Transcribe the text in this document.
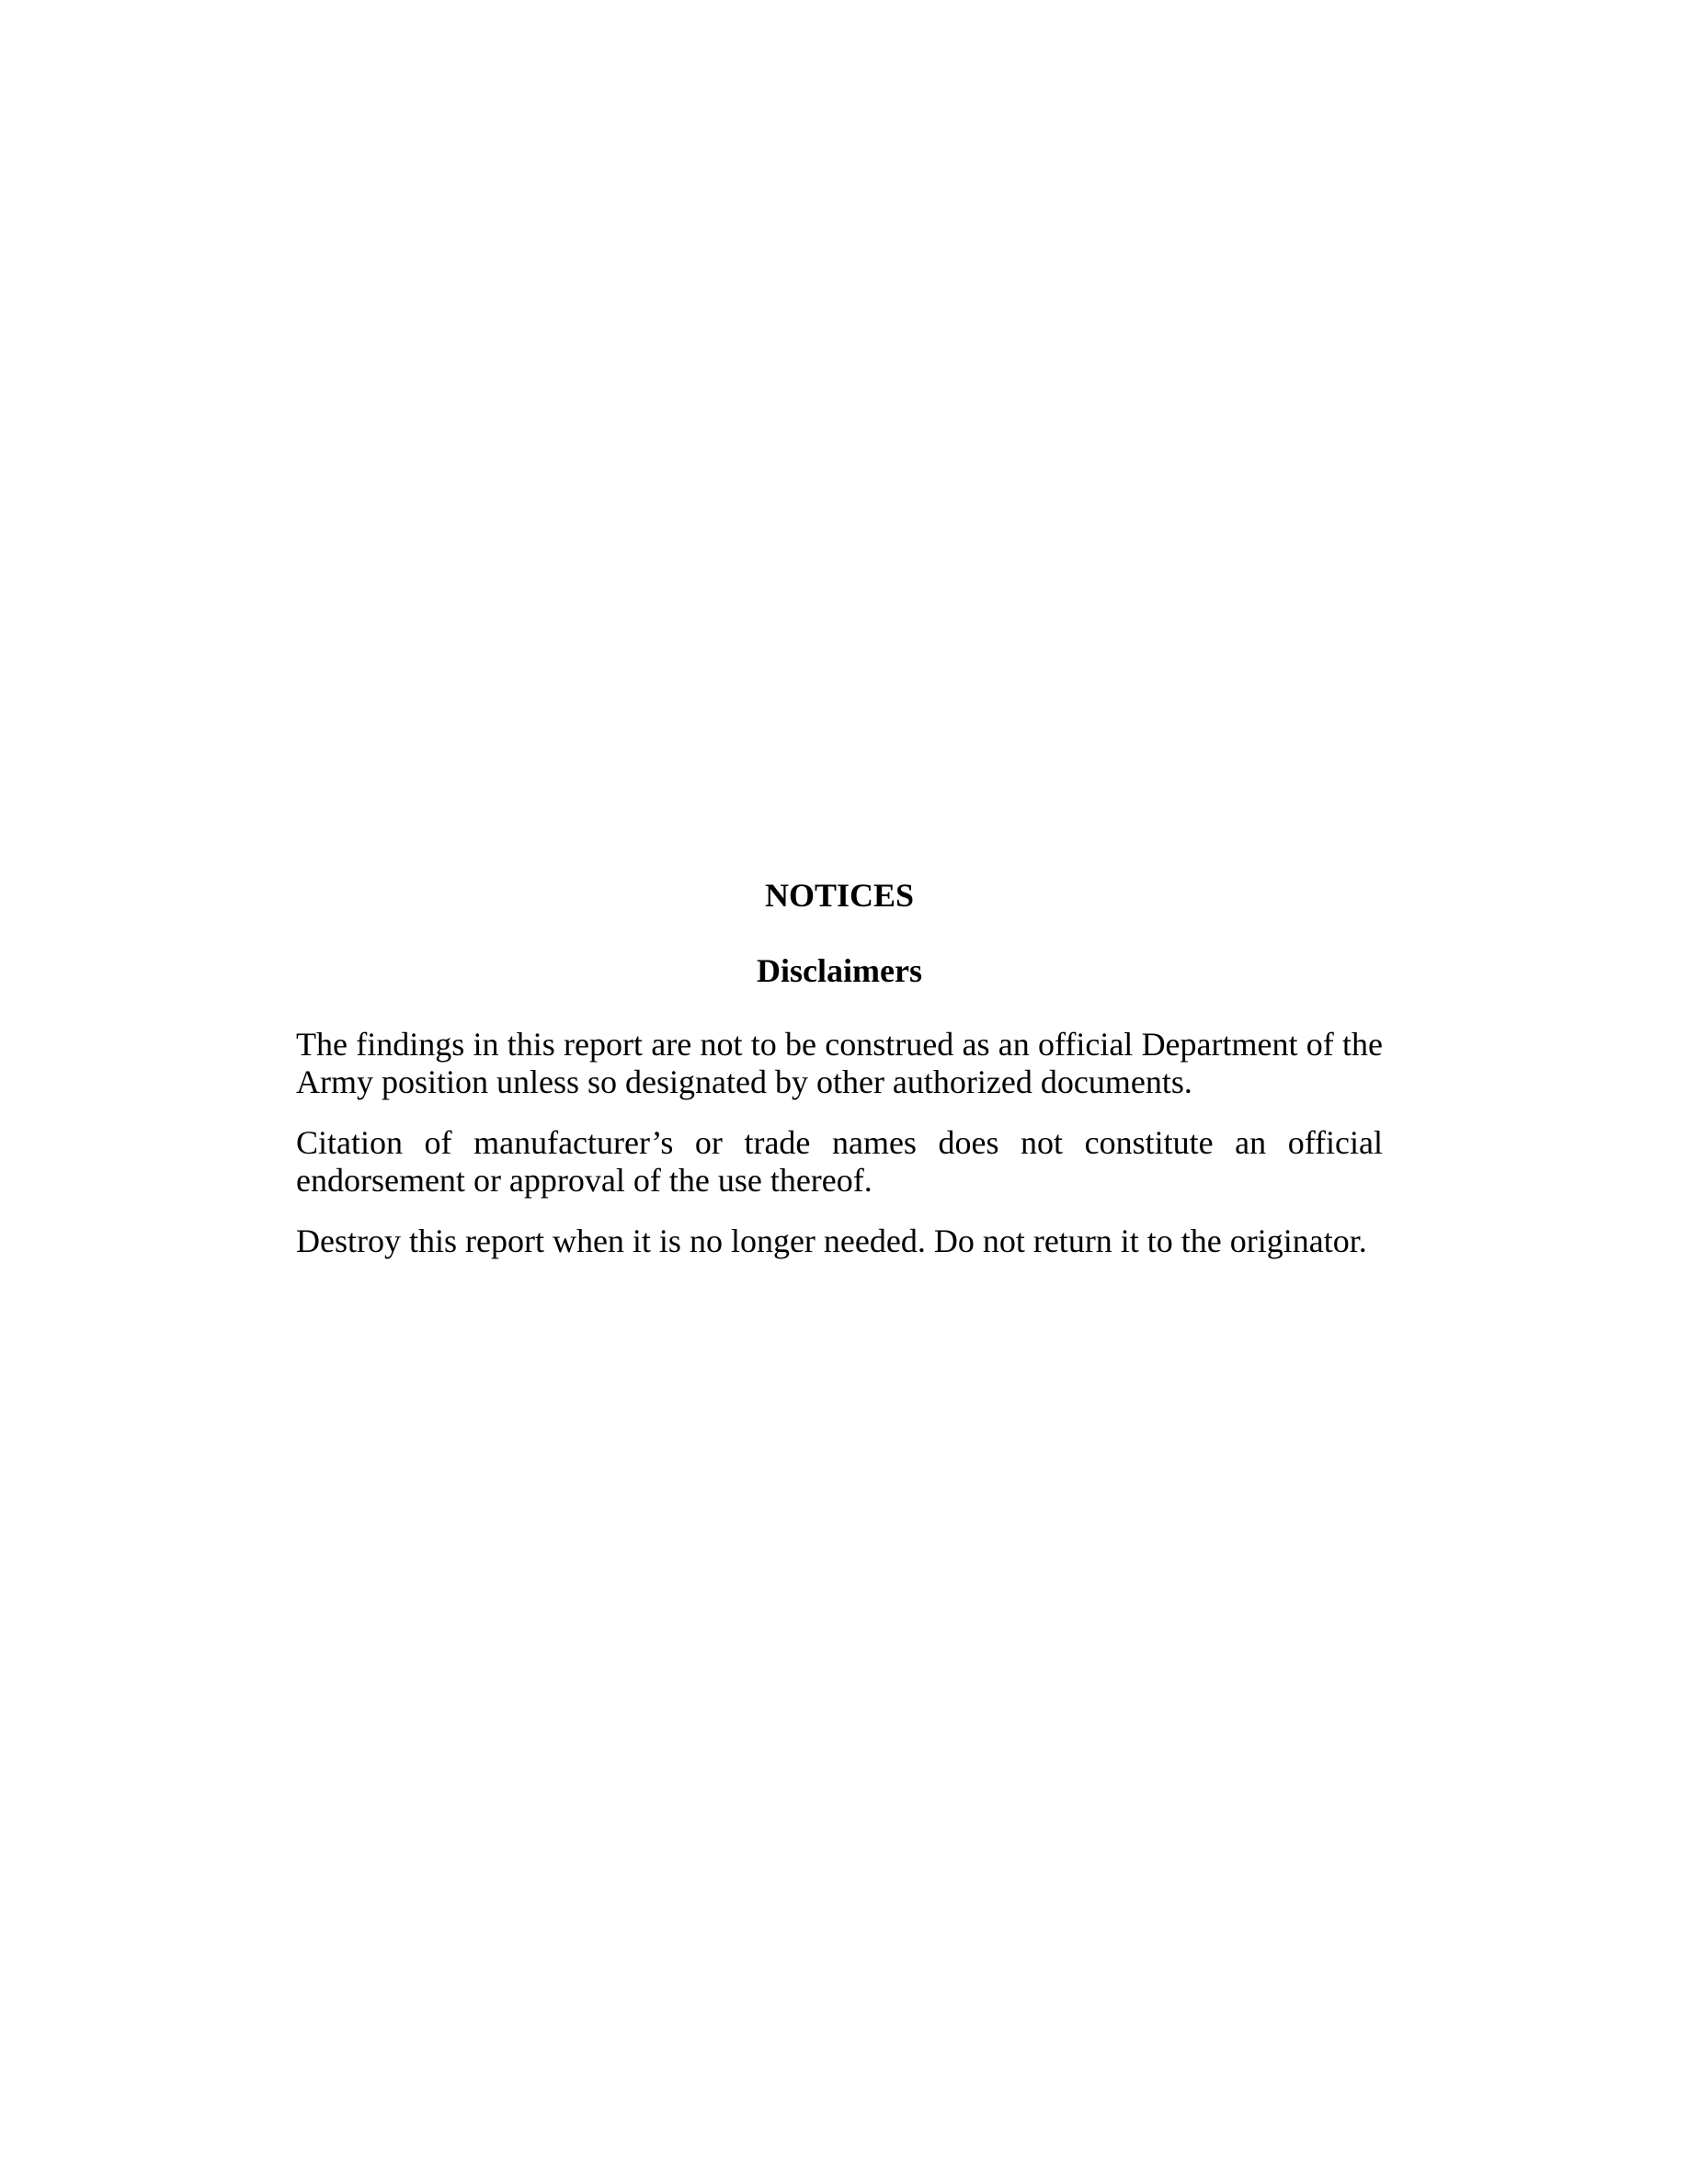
NOTICES
Disclaimers

The findings in this report are not to be construed as an official Department of the Army position unless so designated by other authorized documents.

Citation of manufacturer’s or trade names does not constitute an official endorsement or approval of the use thereof.

Destroy this report when it is no longer needed. Do not return it to the originator.
